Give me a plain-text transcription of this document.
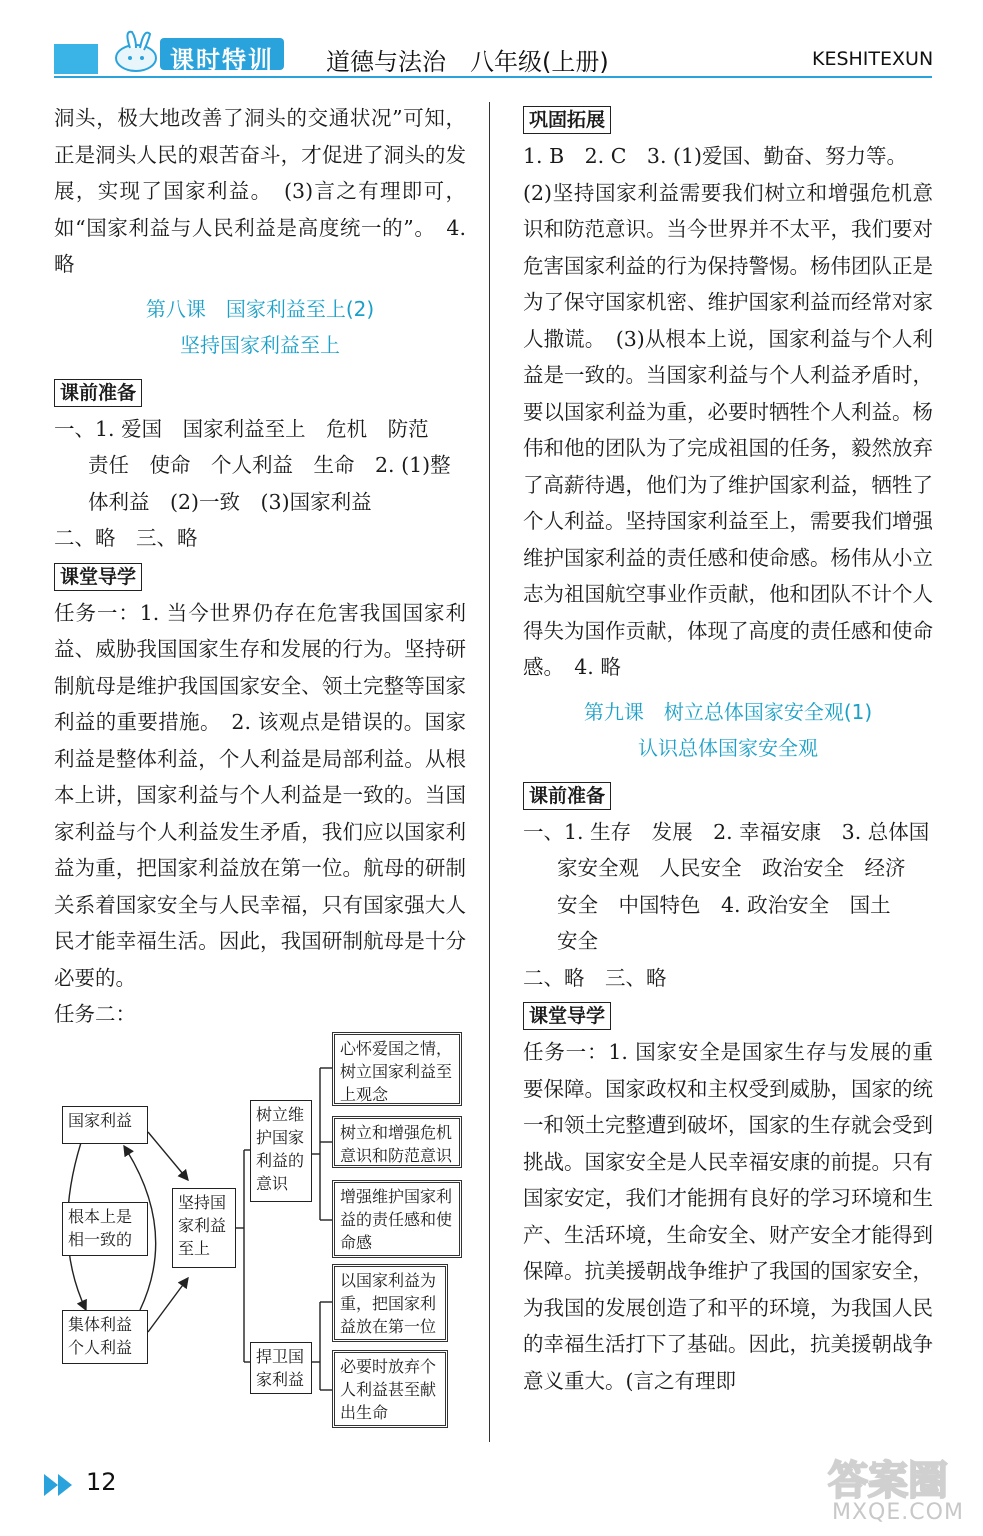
课时特训	道德与法治　八年级(上册)	KESHITEXUN

洞头，极大地改善了洞头的交通状况”可知，正是洞头人民的艰苦奋斗，才促进了洞头的发展，实现了国家利益。　(3)言之有理即可，如“国家利益与人民利益是高度统一的”。　4.略

第八课　国家利益至上(2)
坚持国家利益至上
课前准备

一、1. 爱国　国家利益至上　危机　防范

责任　使命　个人利益　生命　2. (1)整

体利益　(2)一致　(3)国家利益

二、略　三、略

课堂导学

任务一：1. 当今世界仍存在危害我国国家利益、威胁我国国家生存和发展的行为。坚持研制航母是维护我国国家安全、领土完整等国家利益的重要措施。　2. 该观点是错误的。国家利益是整体利益，个人利益是局部利益。从根本上讲，国家利益与个人利益是一致的。当国家利益与个人利益发生矛盾，我们应以国家利益为重，把国家利益放在第一位。航母的研制关系着国家安全与人民幸福，只有国家强大人民才能幸福生活。因此，我国研制航母是十分必要的。

任务二：

国家利益
根本上是相一致的
集体利益个人利益
坚持国家利益至上
树立维护国家利益的意识
捍卫国家利益
心怀爱国之情，树立国家利益至上观念
树立和增强危机意识和防范意识
增强维护国家利益的责任感和使命感
以国家利益为重，把国家利益放在第一位
必要时放弃个人利益甚至献出生命
巩固拓展

1. B　2. C　3. (1)爱国、勤奋、努力等。

(2)坚持国家利益需要我们树立和增强危机意识和防范意识。当今世界并不太平，我们要对危害国家利益的行为保持警惕。杨伟团队正是为了保守国家机密、维护国家利益而经常对家人撒谎。　(3)从根本上说，国家利益与个人利益是一致的。当国家利益与个人利益矛盾时，要以国家利益为重，必要时牺牲个人利益。杨伟和他的团队为了完成祖国的任务，毅然放弃了高薪待遇，他们为了维护国家利益，牺牲了个人利益。坚持国家利益至上，需要我们增强维护国家利益的责任感和使命感。杨伟从小立志为祖国航空事业作贡献，他和团队不计个人得失为国作贡献，体现了高度的责任感和使命感。　4. 略

第九课　树立总体国家安全观(1)
认识总体国家安全观
课前准备

一、1. 生存　发展　2. 幸福安康　3. 总体国

家安全观　人民安全　政治安全　经济

安全　中国特色　4. 政治安全　国土

安全

二、略　三、略

课堂导学

任务一：1. 国家安全是国家生存与发展的重要保障。国家政权和主权受到威胁，国家的统一和领土完整遭到破坏，国家的生存就会受到挑战。国家安全是人民幸福安康的前提。只有国家安定，我们才能拥有良好的学习环境和生产、生活环境，生命安全、财产安全才能得到保障。抗美援朝战争维护了我国的国家安全，为我国的发展创造了和平的环境，为我国人民的幸福生活打下了基础。因此，抗美援朝战争意义重大。(言之有理即

12	答案圈
MXQE.COM
